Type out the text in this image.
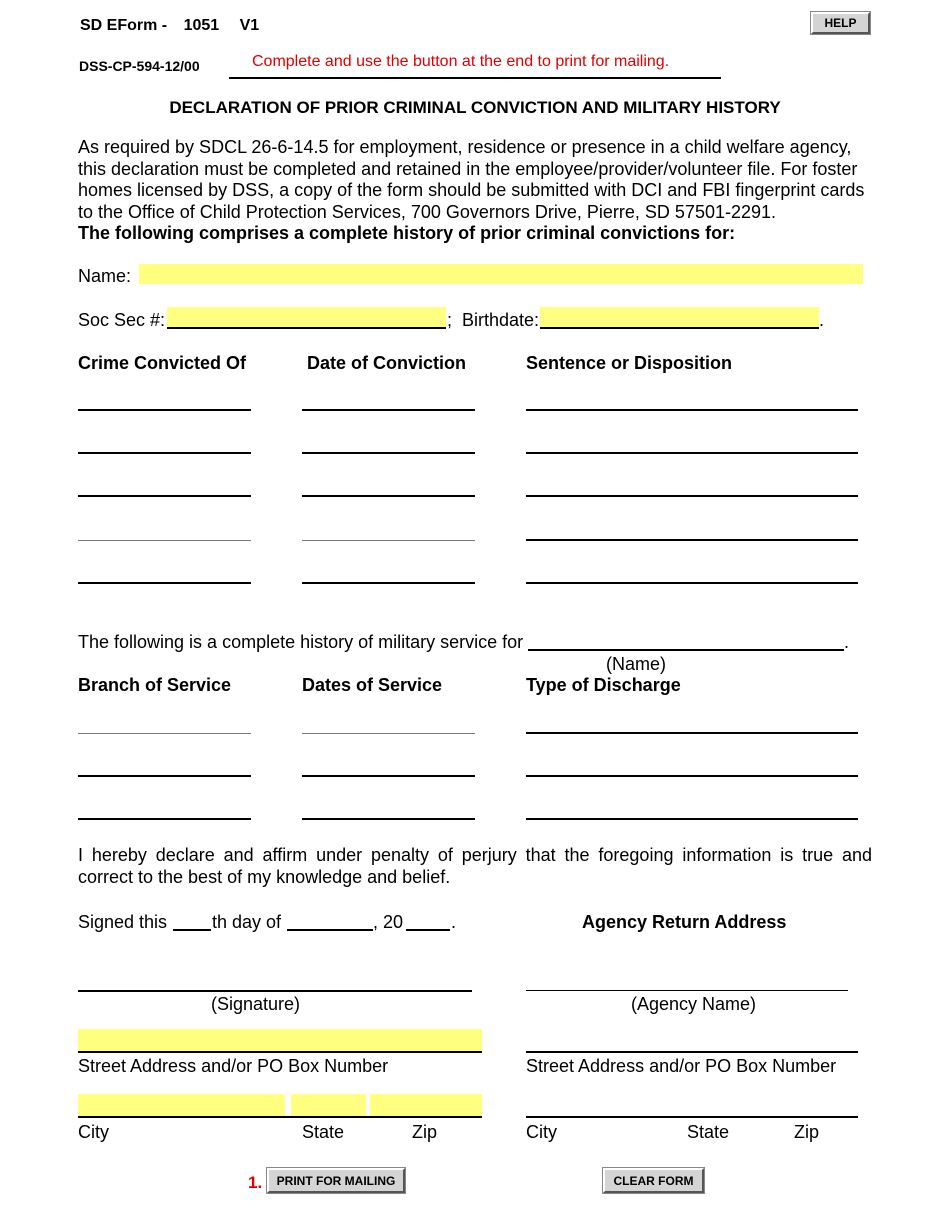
SD EForm - 1051 V1	HELP
DSS-CP-594-12/00	Complete and use the button at the end to print for mailing.
DECLARATION OF PRIOR CRIMINAL CONVICTION AND MILITARY HISTORY
As required by SDCL 26-6-14.5 for employment, residence or presence in a child welfare agency,
this declaration must be completed and retained in the employee/provider/volunteer file. For foster
homes licensed by DSS, a copy of the form should be submitted with DCI and FBI fingerprint cards
to the Office of Child Protection Services, 700 Governors Drive, Pierre, SD 57501-2291.
The following comprises a complete history of prior criminal convictions for:
Name:
Soc Sec #:	; Birthdate:	.
Crime Convicted Of	Date of Conviction	Sentence or Disposition
The following is a complete history of military service for	.
(Name)
Branch of Service	Dates of Service	Type of Discharge
I hereby declare and affirm under penalty of perjury that the foregoing information is true and
correct to the best of my knowledge and belief.
Signed this th day of	, 20	.	Agency Return Address
(Signature)
Street Address and/or PO Box Number
City	State	Zip
(Agency Name)
Street Address and/or PO Box Number
City	State	Zip
1.	PRINT FOR MAILING	CLEAR FORM
